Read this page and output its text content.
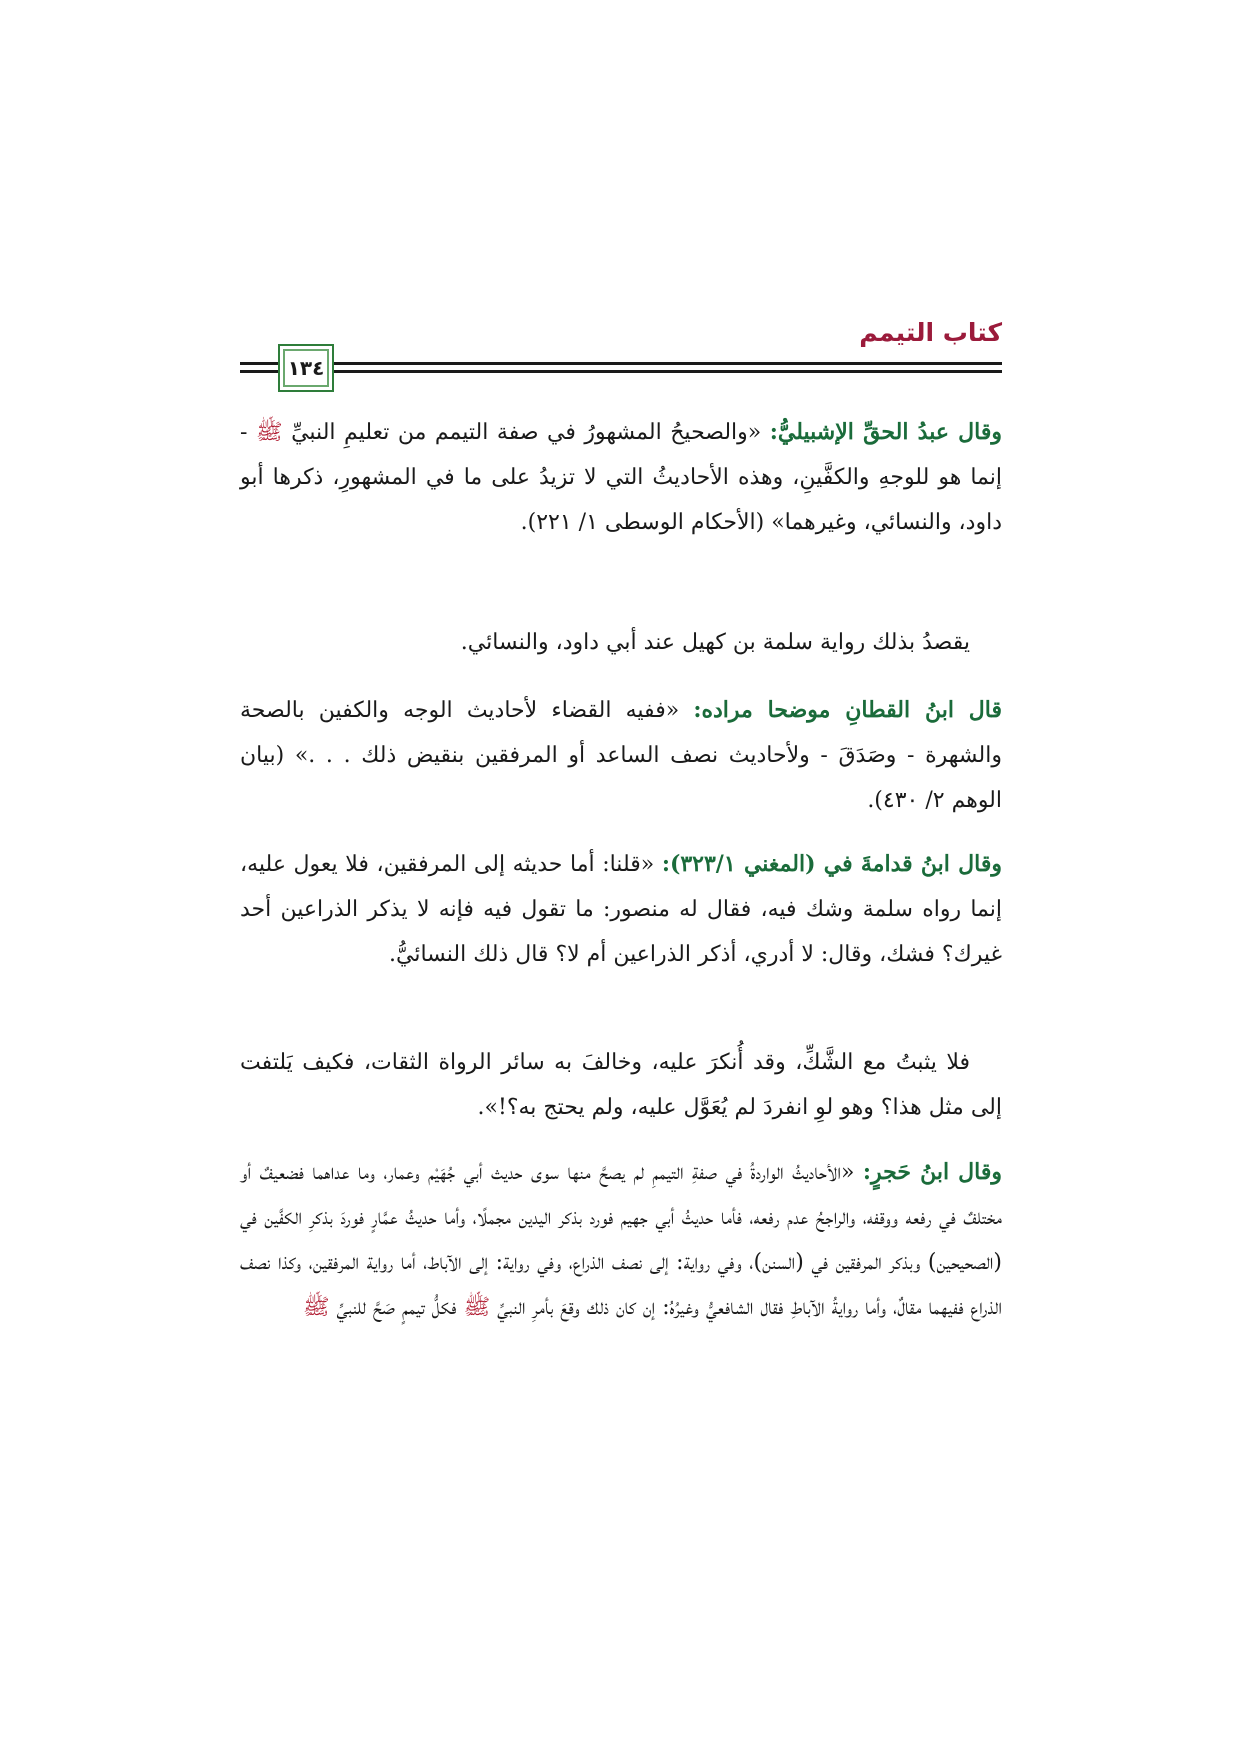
كتاب التيمم
١٣٤
وقال عبدُ الحقِّ الإشبيليُّ: «والصحيحُ المشهورُ في صفة التيمم من تعليمِ النبيِّ ﷺ - إنما هو للوجهِ والكفَّينِ، وهذه الأحاديثُ التي لا تزيدُ على ما في المشهورِ، ذكرها أبو داود، والنسائي، وغيرهما» (الأحكام الوسطى ١/ ٢٢١).
يقصدُ بذلك رواية سلمة بن كهيل عند أبي داود، والنسائي.
قال ابنُ القطانِ موضحا مراده: «ففيه القضاء لأحاديث الوجه والكفين بالصحة والشهرة - وصَدَقَ - ولأحاديث نصف الساعد أو المرفقين بنقيض ذلك . . .» (بيان الوهم ٢/ ٤٣٠).
وقال ابنُ قدامةَ في (المغني ٣٢٣/١): «قلنا: أما حديثه إلى المرفقين، فلا يعول عليه، إنما رواه سلمة وشك فيه، فقال له منصور: ما تقول فيه فإنه لا يذكر الذراعين أحد غيرك؟ فشك، وقال: لا أدري، أذكر الذراعين أم لا؟ قال ذلك النسائيُّ.
فلا يثبتُ مع الشَّكِّ، وقد أُنكرَ عليه، وخالفَ به سائر الرواة الثقات، فكيف يَلتفت إلى مثل هذا؟ وهو لوِ انفردَ لم يُعَوَّل عليه، ولم يحتج به؟!».
وقال ابنُ حَجرٍ: «الأحاديثُ الواردةُ في صفةِ التيممِ لم يصحَّ منها سوى حديث أبي جُهَيْم وعمار، وما عداهما فضعيفٌ أو مختلفٌ في رفعه ووقفه، والراجحُ عدم رفعه، فأما حديثُ أبي جهيم فورد بذكر اليدين مجملًا، وأما حديثُ عمَّارٍ فوردَ بذكرِ الكفَّين في (الصحيحين) وبذكر المرفقين في (السنن)، وفي رواية: إلى نصف الذراع، وفي رواية: إلى الآباط، أما رواية المرفقين، وكذا نصف الذراع ففيهما مقالٌ، وأما روايةُ الآباطِ فقال الشافعيُّ وغيرُهُ: إن كان ذلك وقعَ بأمرِ النبيِّ ﷺ فكلُّ تيممٍ صَحَّ للنبيِّ ﷺ
